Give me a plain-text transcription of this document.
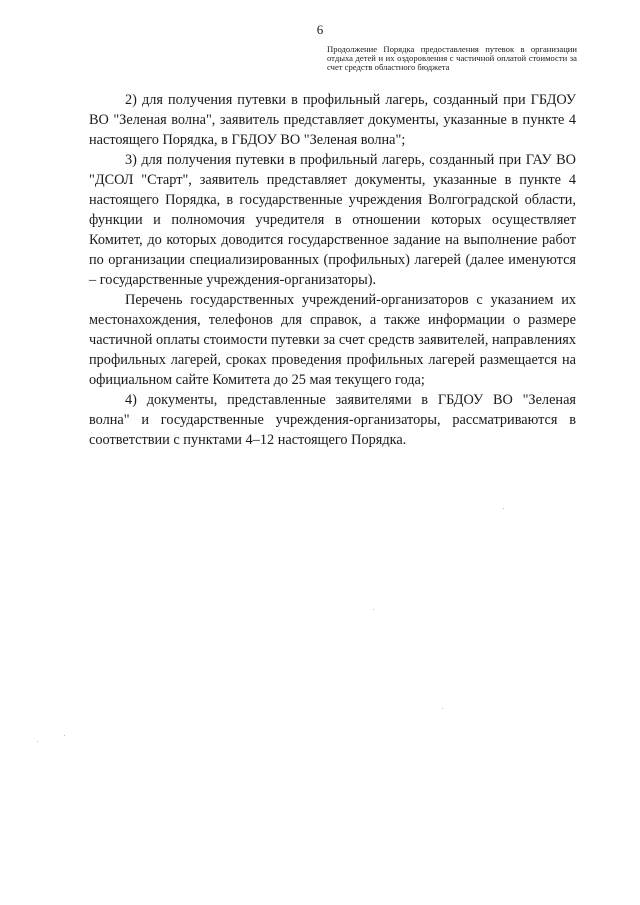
6
Продолжение Порядка предоставления путевок в организации отдыха детей и их оздоровления с частичной оплатой стоимости за счет средств областного бюджета

2) для получения путевки в профильный лагерь, созданный при ГБДОУ ВО "Зеленая волна", заявитель представляет документы, указанные в пункте 4 настоящего Порядка, в ГБДОУ ВО "Зеленая волна";

3) для получения путевки в профильный лагерь, созданный при ГАУ ВО "ДСОЛ "Старт", заявитель представляет документы, указанные в пункте 4 настоящего Порядка, в государственные учреждения Волгоградской области, функции и полномочия учредителя в отношении которых осуществляет Комитет, до которых доводится государственное задание на выполнение работ по организации специализированных (профильных) лагерей (далее именуются – государственные учреждения-организаторы).

Перечень государственных учреждений-организаторов с указанием их местонахождения, телефонов для справок, а также информации о размере частичной оплаты стоимости путевки за счет средств заявителей, направлениях профильных лагерей, сроках проведения профильных лагерей размещается на официальном сайте Комитета до 25 мая текущего года;

4) документы, представленные заявителями в ГБДОУ ВО "Зеленая волна" и государственные учреждения-организаторы, рассматриваются в соответствии с пунктами 4–12 настоящего Порядка.
